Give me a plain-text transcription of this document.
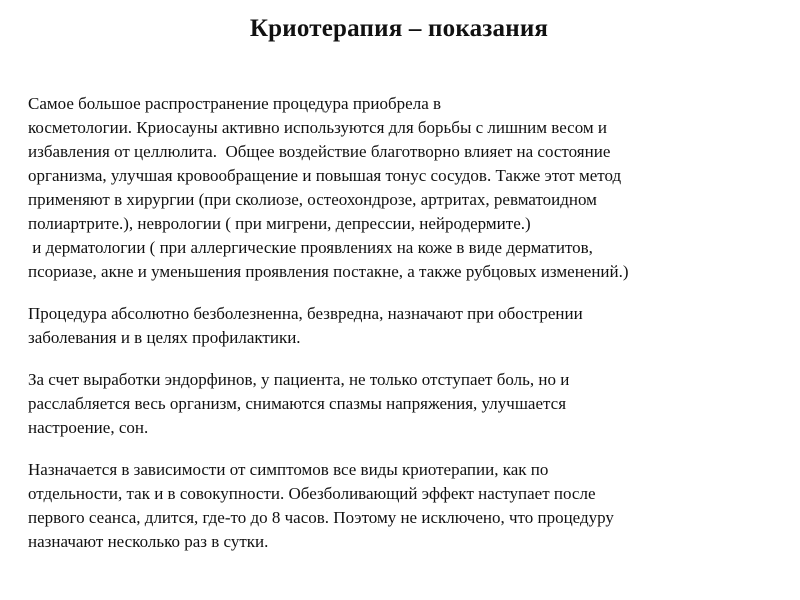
Криотерапия – показания
Самое большое распространение процедура приобрела в
косметологии. Криосауны активно используются для борьбы с лишним весом и
избавления от целлюлита.  Общее воздействие благотворно влияет на состояние
организма, улучшая кровообращение и повышая тонус сосудов. Также этот метод
применяют в хирургии (при сколиозе, остеохондрозе, артритах, ревматоидном
полиартрите.), неврологии ( при мигрени, депрессии, нейродермите.)
и дерматологии ( при аллергические проявлениях на коже в виде дерматитов,
псориазе, акне и уменьшения проявления постакне, а также рубцовых изменений.)
Процедура абсолютно безболезненна, безвредна, назначают при обострении
заболевания и в целях профилактики.
За счет выработки эндорфинов, у пациента, не только отступает боль, но и
расслабляется весь организм, снимаются спазмы напряжения, улучшается
настроение, сон.
Назначается в зависимости от симптомов все виды криотерапии, как по
отдельности, так и в совокупности. Обезболивающий эффект наступает после
первого сеанса, длится, где-то до 8 часов. Поэтому не исключено, что процедуру
назначают несколько раз в сутки.
